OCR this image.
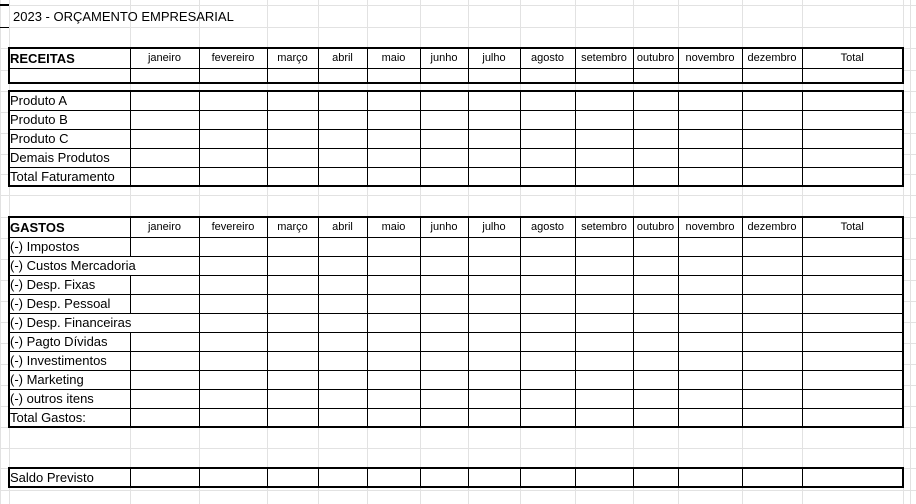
2023 - ORÇAMENTO EMPRESARIAL
RECEITAS	janeiro	fevereiro	março	abril	maio	junho	julho	agosto	setembro	outubro	novembro	dezembro	Total

Produto A													
Produto B													
Produto C													
Demais Produtos													
Total Faturamento													
GASTOS	janeiro	fevereiro	março	abril	maio	junho	julho	agosto	setembro	outubro	novembro	dezembro	Total
(-) Impostos													
(-) Custos Mercadoria													
(-) Desp. Fixas													
(-) Desp. Pessoal													
(-) Desp. Financeiras													
(-) Pagto Dívidas													
(-) Investimentos													
(-) Marketing													
(-) outros itens													
Total Gastos:													
Saldo Previsto													
